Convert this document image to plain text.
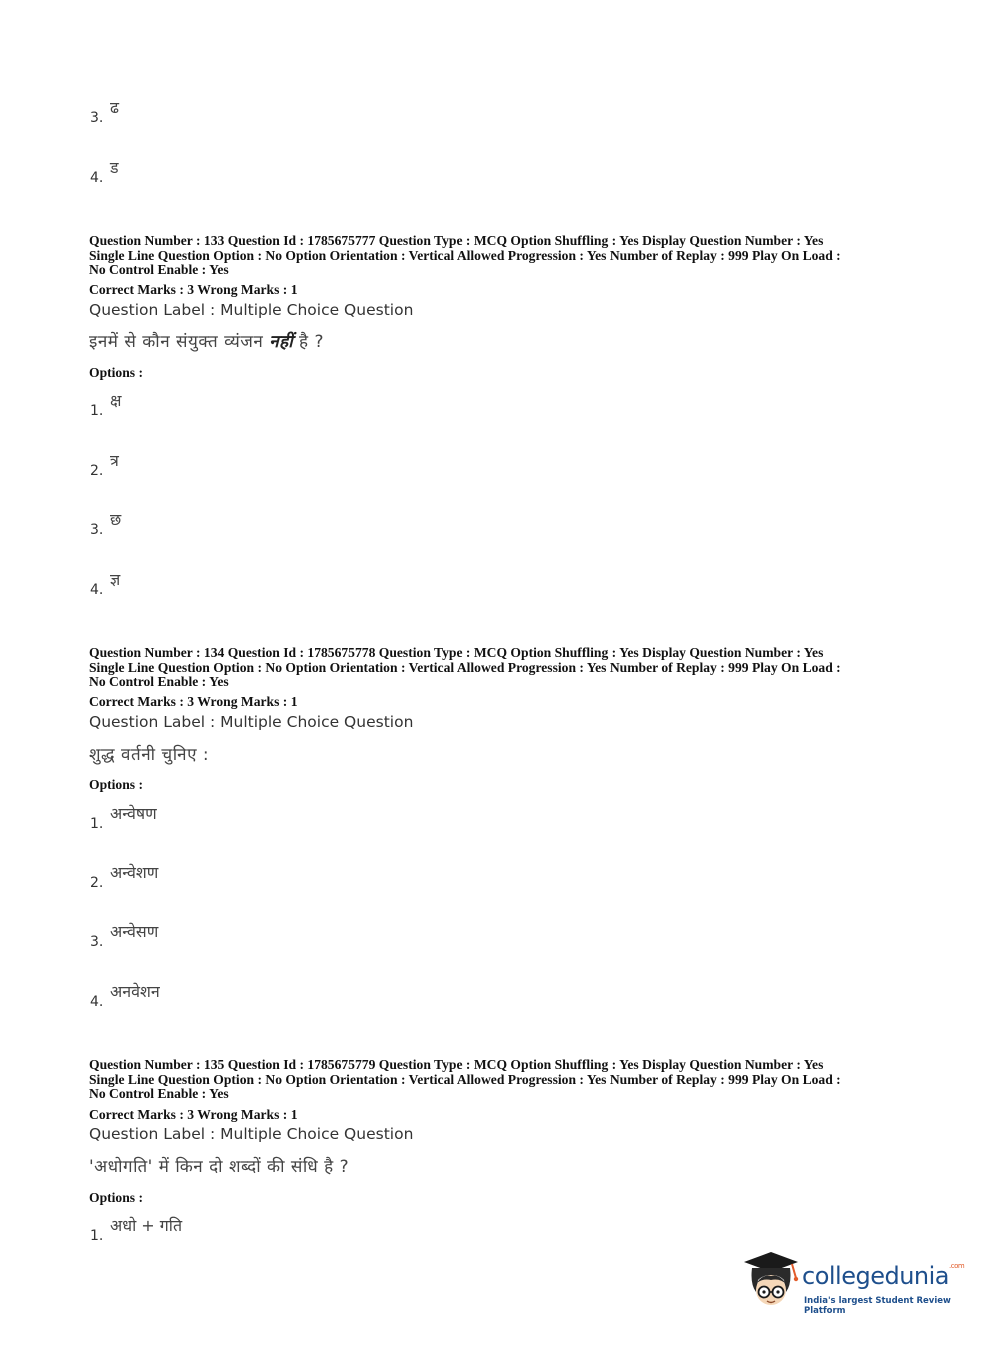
3.
ढ
4.
ड
Question Number : 133 Question Id : 1785675777 Question Type : MCQ Option Shuffling : Yes Display Question Number : Yes
Single Line Question Option : No Option Orientation : Vertical Allowed Progression : Yes Number of Replay : 999 Play On Load :
No Control Enable : Yes
Correct Marks : 3 Wrong Marks : 1
Question Label : Multiple Choice Question
इनमें से कौन संयुक्त व्यंजन नहीं है ?
Options :
1.
क्ष
2.
त्र
3.
छ
4.
ज्ञ
Question Number : 134 Question Id : 1785675778 Question Type : MCQ Option Shuffling : Yes Display Question Number : Yes
Single Line Question Option : No Option Orientation : Vertical Allowed Progression : Yes Number of Replay : 999 Play On Load :
No Control Enable : Yes
Correct Marks : 3 Wrong Marks : 1
Question Label : Multiple Choice Question
शुद्ध वर्तनी चुनिए :
Options :
1.
अन्वेषण
2.
अन्वेशण
3.
अन्वेसण
4.
अनवेशन
Question Number : 135 Question Id : 1785675779 Question Type : MCQ Option Shuffling : Yes Display Question Number : Yes
Single Line Question Option : No Option Orientation : Vertical Allowed Progression : Yes Number of Replay : 999 Play On Load :
No Control Enable : Yes
Correct Marks : 3 Wrong Marks : 1
Question Label : Multiple Choice Question
'अधोगति' में किन दो शब्दों की संधि है ?
Options :
1.
अधो + गति
collegedunia$^{.com}$
India's largest Student Review Platform
